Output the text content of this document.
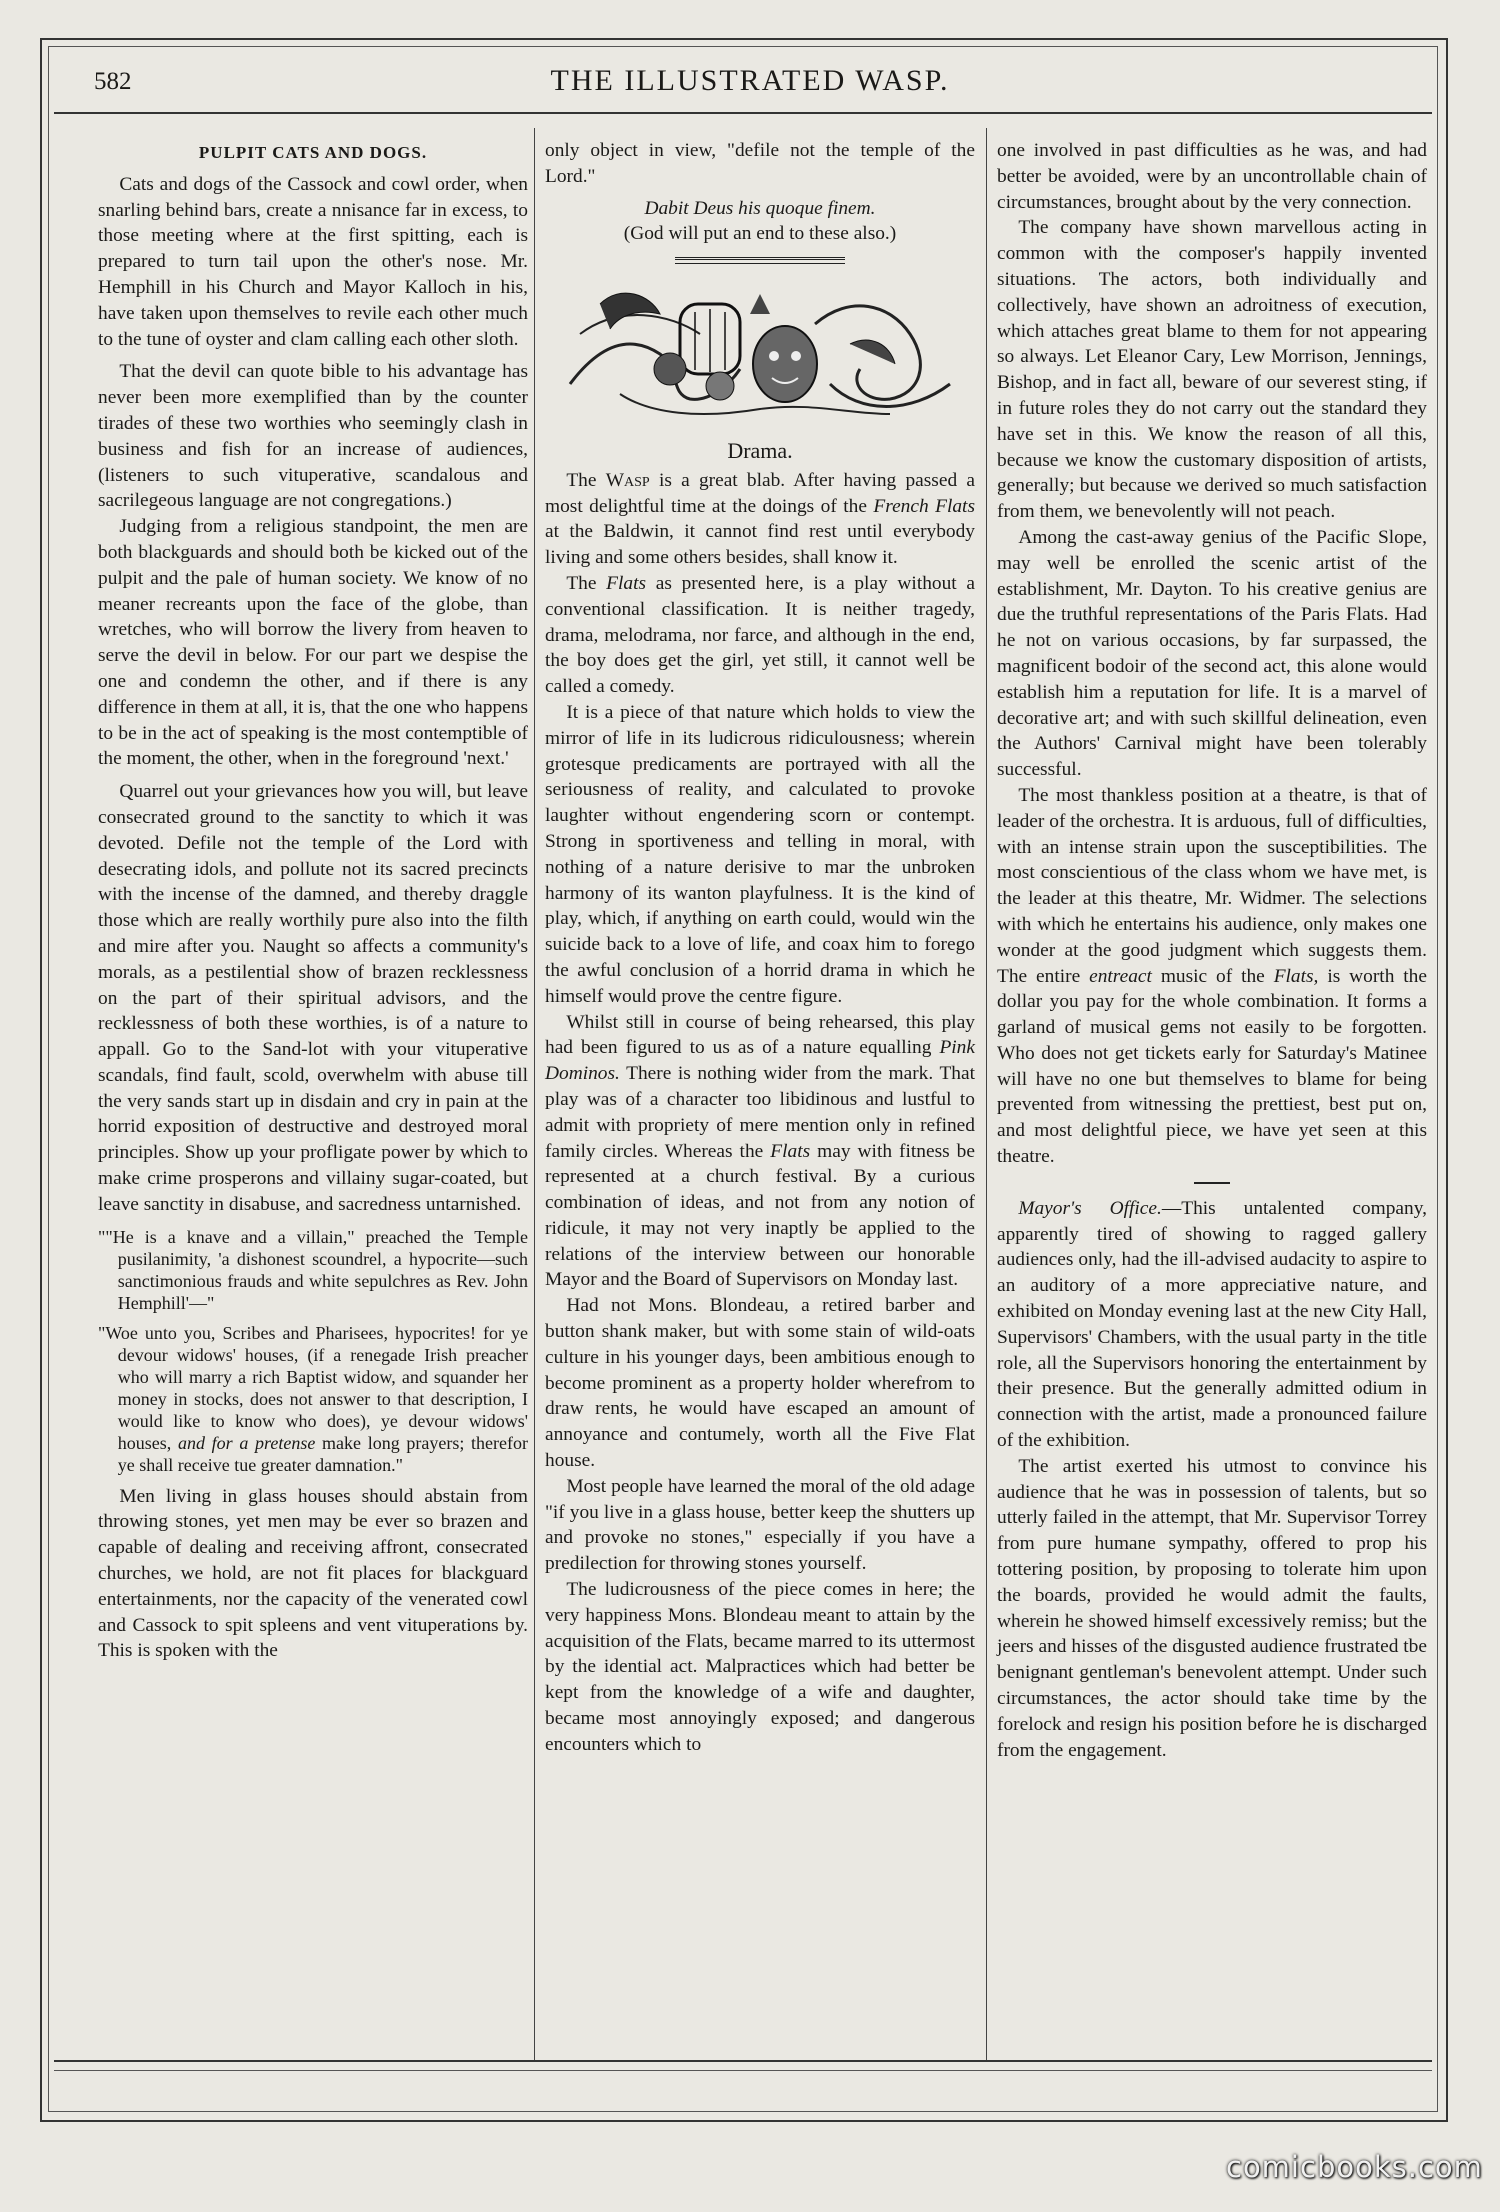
582	THE ILLUSTRATED WASP.
PULPIT CATS AND DOGS.

Cats and dogs of the Cassock and cowl order, when snarling behind bars, create a nnisance far in excess, to those meeting where at the first spitting, each is prepared to turn tail upon the other's nose. Mr. Hemphill in his Church and Mayor Kalloch in his, have taken upon themselves to revile each other much to the tune of oyster and clam calling each other sloth.

That the devil can quote bible to his advantage has never been more exemplified than by the counter tirades of these two worthies who seemingly clash in business and fish for an increase of audiences, (listeners to such vituperative, scandalous and sacrilegeous language are not congregations.)

Judging from a religious standpoint, the men are both blackguards and should both be kicked out of the pulpit and the pale of human society. We know of no meaner recreants upon the face of the globe, than wretches, who will borrow the livery from heaven to serve the devil in below. For our part we despise the one and condemn the other, and if there is any difference in them at all, it is, that the one who happens to be in the act of speaking is the most contemptible of the moment, the other, when in the foreground 'next.'

Quarrel out your grievances how you will, but leave consecrated ground to the sanctity to which it was devoted. Defile not the temple of the Lord with desecrating idols, and pollute not its sacred precincts with the incense of the damned, and thereby draggle those which are really worthily pure also into the filth and mire after you. Naught so affects a community's morals, as a pestilential show of brazen recklessness on the part of their spiritual advisors, and the recklessness of both these worthies, is of a nature to appall. Go to the Sand-lot with your vituperative scandals, find fault, scold, overwhelm with abuse till the very sands start up in disdain and cry in pain at the horrid exposition of destructive and destroyed moral principles. Show up your profligate power by which to make crime prosperons and villainy sugar-coated, but leave sanctity in disabuse, and sacredness untarnished.

""He is a knave and a villain," preached the Temple pusilanimity, 'a dishonest scoundrel, a hypocrite—such sanctimonious frauds and white sepulchres as Rev. John Hemphill'—"
"Woe unto you, Scribes and Pharisees, hypocrites! for ye devour widows' houses, (if a renegade Irish preacher who will marry a rich Baptist widow, and squander her money in stocks, does not answer to that description, I would like to know who does), ye devour widows' houses, and for a pretense make long prayers; therefor ye shall receive tue greater damnation."

Men living in glass houses should abstain from throwing stones, yet men may be ever so brazen and capable of dealing and receiving affront, consecrated churches, we hold, are not fit places for blackguard entertainments, nor the capacity of the venerated cowl and Cassock to spit spleens and vent vituperations by. This is spoken with the

only object in view, "defile not the temple of the Lord."

Dabit Deus his quoque finem.
(God will put an end to these also.)
Drama.

The Wasp is a great blab. After having passed a most delightful time at the doings of the French Flats at the Baldwin, it cannot find rest until everybody living and some others besides, shall know it.

The Flats as presented here, is a play without a conventional classification. It is neither tragedy, drama, melodrama, nor farce, and although in the end, the boy does get the girl, yet still, it cannot well be called a comedy.

It is a piece of that nature which holds to view the mirror of life in its ludicrous ridiculousness; wherein grotesque predicaments are portrayed with all the seriousness of reality, and calculated to provoke laughter without engendering scorn or contempt. Strong in sportiveness and telling in moral, with nothing of a nature derisive to mar the unbroken harmony of its wanton playfulness. It is the kind of play, which, if anything on earth could, would win the suicide back to a love of life, and coax him to forego the awful conclusion of a horrid drama in which he himself would prove the centre figure.

Whilst still in course of being rehearsed, this play had been figured to us as of a nature equalling Pink Dominos. There is nothing wider from the mark. That play was of a character too libidinous and lustful to admit with propriety of mere mention only in refined family circles. Whereas the Flats may with fitness be represented at a church festival. By a curious combination of ideas, and not from any notion of ridicule, it may not very inaptly be applied to the relations of the interview between our honorable Mayor and the Board of Supervisors on Monday last.

Had not Mons. Blondeau, a retired barber and button shank maker, but with some stain of wild-oats culture in his younger days, been ambitious enough to become prominent as a property holder wherefrom to draw rents, he would have escaped an amount of annoyance and contumely, worth all the Five Flat house.

Most people have learned the moral of the old adage "if you live in a glass house, better keep the shutters up and provoke no stones," especially if you have a predilection for throwing stones yourself.

The ludicrousness of the piece comes in here; the very happiness Mons. Blondeau meant to attain by the acquisition of the Flats, became marred to its uttermost by the idential act. Malpractices which had better be kept from the knowledge of a wife and daughter, became most annoyingly exposed; and dangerous encounters which to

one involved in past difficulties as he was, and had better be avoided, were by an uncontrollable chain of circumstances, brought about by the very connection.

The company have shown marvellous acting in common with the composer's happily invented situations. The actors, both individually and collectively, have shown an adroitness of execution, which attaches great blame to them for not appearing so always. Let Eleanor Cary, Lew Morrison, Jennings, Bishop, and in fact all, beware of our severest sting, if in future roles they do not carry out the standard they have set in this. We know the reason of all this, because we know the customary disposition of artists, generally; but because we derived so much satisfaction from them, we benevolently will not peach.

Among the cast-away genius of the Pacific Slope, may well be enrolled the scenic artist of the establishment, Mr. Dayton. To his creative genius are due the truthful representations of the Paris Flats. Had he not on various occasions, by far surpassed, the magnificent bodoir of the second act, this alone would establish him a reputation for life. It is a marvel of decorative art; and with such skillful delineation, even the Authors' Carnival might have been tolerably successful.

The most thankless position at a theatre, is that of leader of the orchestra. It is arduous, full of difficulties, with an intense strain upon the susceptibilities. The most conscientious of the class whom we have met, is the leader at this theatre, Mr. Widmer. The selections with which he entertains his audience, only makes one wonder at the good judgment which suggests them. The entire entreact music of the Flats, is worth the dollar you pay for the whole combination. It forms a garland of musical gems not easily to be forgotten. Who does not get tickets early for Saturday's Matinee will have no one but themselves to blame for being prevented from witnessing the prettiest, best put on, and most delightful piece, we have yet seen at this theatre.

Mayor's Office.—This untalented company, apparently tired of showing to ragged gallery audiences only, had the ill-advised audacity to aspire to an auditory of a more appreciative nature, and exhibited on Monday evening last at the new City Hall, Supervisors' Chambers, with the usual party in the title role, all the Supervisors honoring the entertainment by their presence. But the generally admitted odium in connection with the artist, made a pronounced failure of the exhibition.

The artist exerted his utmost to convince his audience that he was in possession of talents, but so utterly failed in the attempt, that Mr. Supervisor Torrey from pure humane sympathy, offered to prop his tottering position, by proposing to tolerate him upon the boards, provided he would admit the faults, wherein he showed himself excessively remiss; but the jeers and hisses of the disgusted audience frustrated tbe benignant gentleman's benevolent attempt. Under such circumstances, the actor should take time by the forelock and resign his position before he is discharged from the engagement.

comicbooks.com
